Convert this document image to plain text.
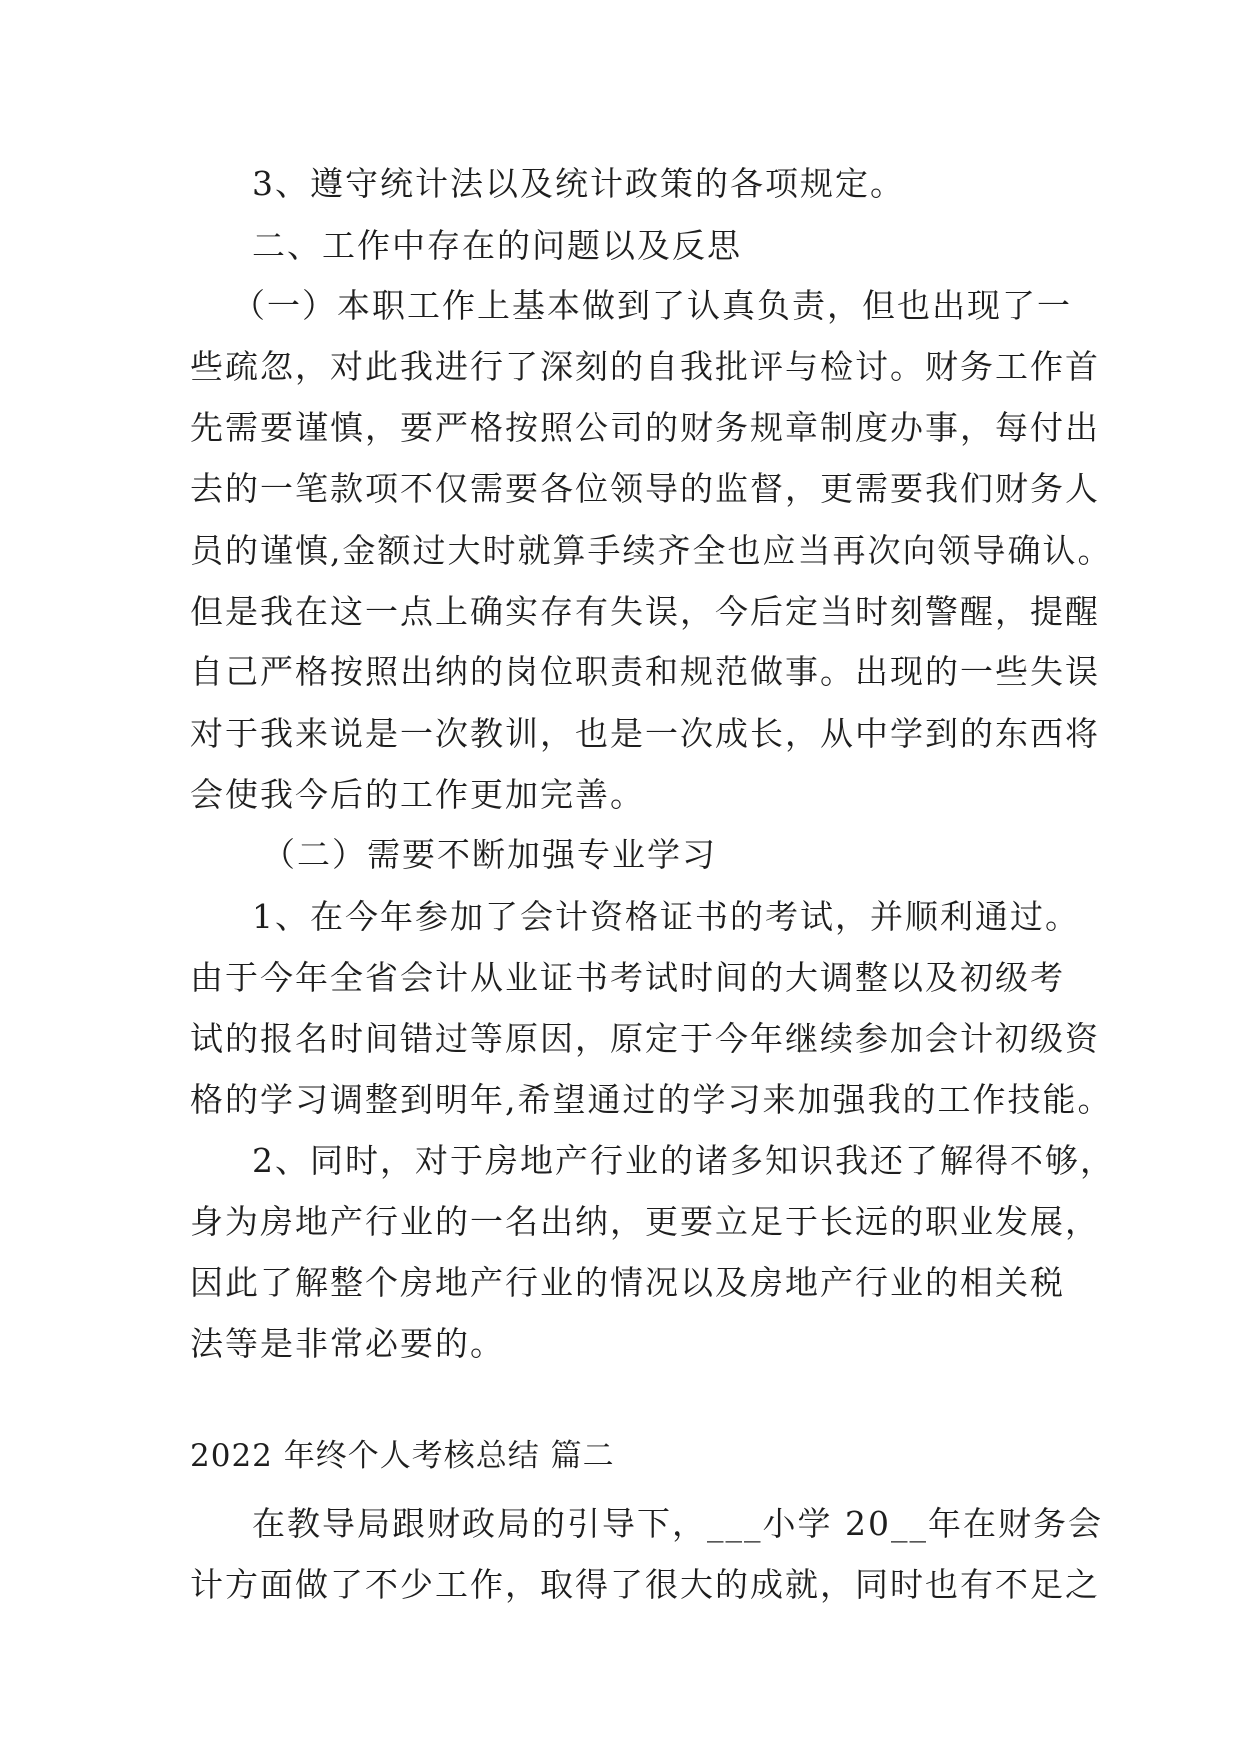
3、遵守统计法以及统计政策的各项规定。
二、工作中存在的问题以及反思
（一）本职工作上基本做到了认真负责，但也出现了一
些疏忽，对此我进行了深刻的自我批评与检讨。财务工作首
先需要谨慎，要严格按照公司的财务规章制度办事，每付出
去的一笔款项不仅需要各位领导的监督，更需要我们财务人
员的谨慎,金额过大时就算手续齐全也应当再次向领导确认。
但是我在这一点上确实存有失误，今后定当时刻警醒，提醒
自己严格按照出纳的岗位职责和规范做事。出现的一些失误
对于我来说是一次教训，也是一次成长，从中学到的东西将
会使我今后的工作更加完善。
（二）需要不断加强专业学习
1、在今年参加了会计资格证书的考试，并顺利通过。
由于今年全省会计从业证书考试时间的大调整以及初级考
试的报名时间错过等原因，原定于今年继续参加会计初级资
格的学习调整到明年,希望通过的学习来加强我的工作技能。
2、同时，对于房地产行业的诸多知识我还了解得不够，
身为房地产行业的一名出纳，更要立足于长远的职业发展，
因此了解整个房地产行业的情况以及房地产行业的相关税
法等是非常必要的。
2022 年终个人考核总结 篇二
在教导局跟财政局的引导下，___小学 20__年在财务会
计方面做了不少工作，取得了很大的成就，同时也有不足之
